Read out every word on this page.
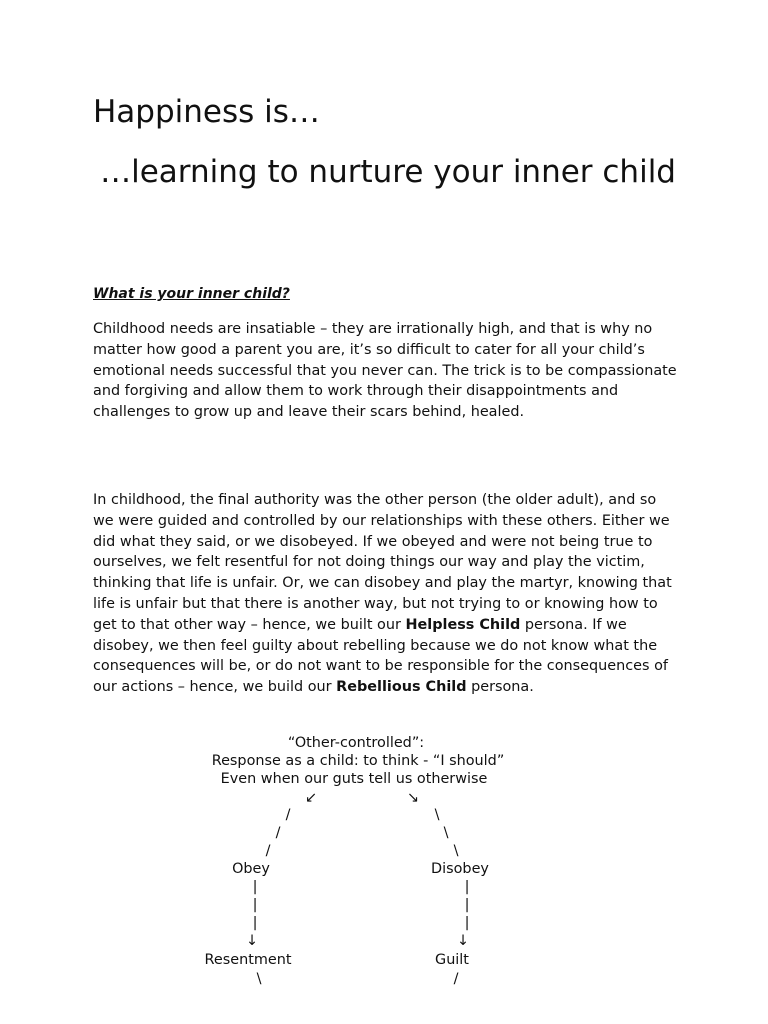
Happiness is…
…learning to nurture your inner child

What is your inner child?

Childhood needs are insatiable – they are irrationally high, and that is why no matter how good a parent you are, it’s so difficult to cater for all your child’s emotional needs successful that you never can. The trick is to be compassionate and forgiving and allow them to work through their disappointments and challenges to grow up and leave their scars behind, healed.

In childhood, the final authority was the other person (the older adult), and so we were guided and controlled by our relationships with these others. Either we did what they said, or we disobeyed. If we obeyed and were not being true to ourselves, we felt resentful for not doing things our way and play the victim, thinking that life is unfair. Or, we can disobey and play the martyr, knowing that life is unfair but that there is another way, but not trying to or knowing how to get to that other way – hence, we built our Helpless Child persona. If we disobey, we then feel guilty about rebelling because we do not know what the consequences will be, or do not want to be responsible for the consequences of our actions – hence, we build our Rebellious Child persona.

“Other-controlled”:
Response as a child: to think - “I should”
Even when our guts tell us otherwise
↙	↘
/
/
/
\
\
\
Obey	Disobey
|
|
|
|
|
|
↓	↓
Resentment	Guilt
\	/
